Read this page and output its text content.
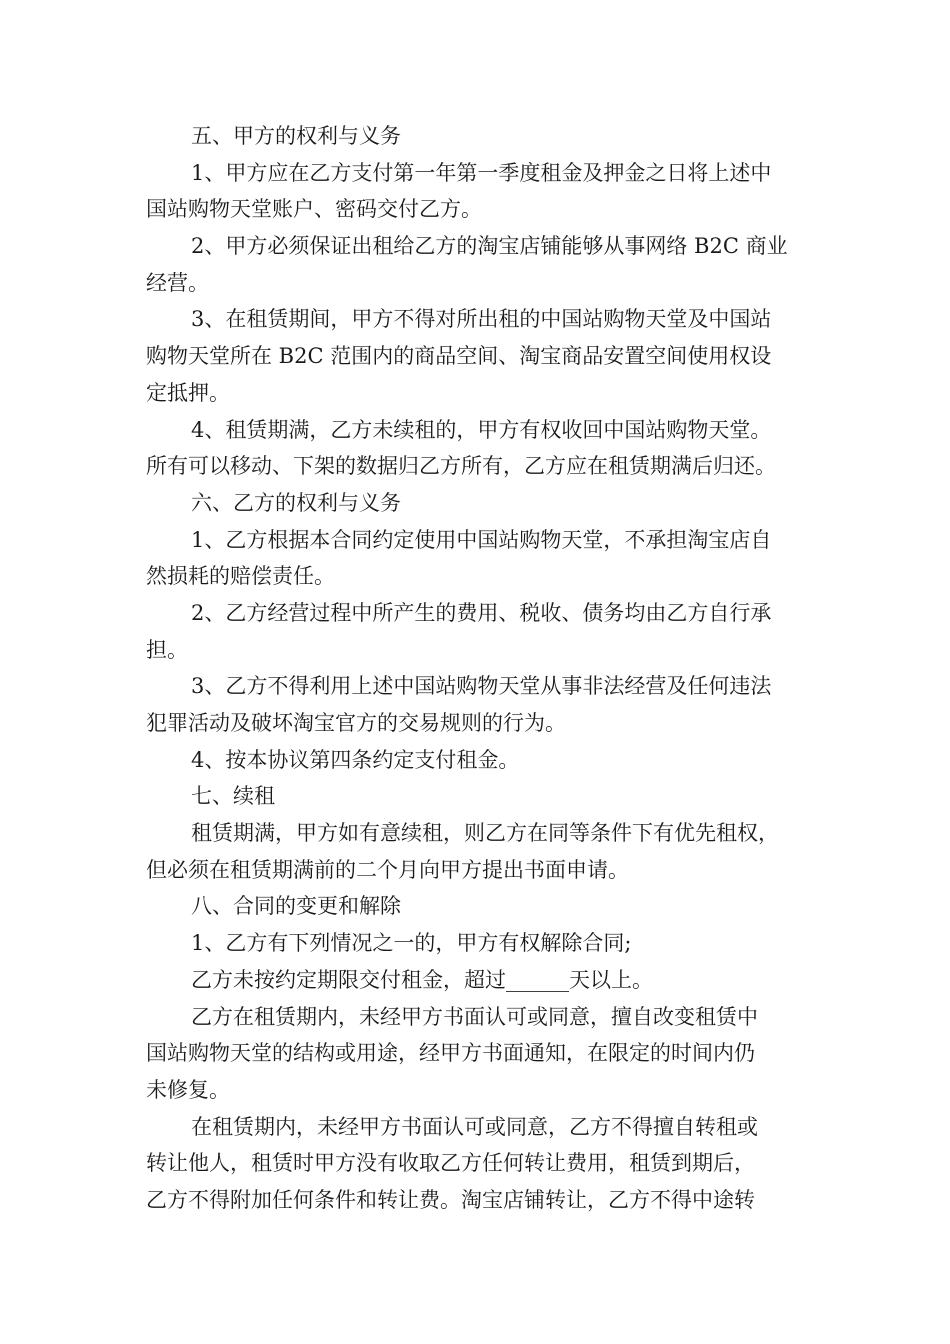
五、甲方的权利与义务
1、甲方应在乙方支付第一年第一季度租金及押金之日将上述中
国站购物天堂账户、密码交付乙方。
2、甲方必须保证出租给乙方的淘宝店铺能够从事网络 B2C 商业
经营。
3、在租赁期间，甲方不得对所出租的中国站购物天堂及中国站
购物天堂所在 B2C 范围内的商品空间、淘宝商品安置空间使用权设
定抵押。
4、租赁期满，乙方未续租的，甲方有权收回中国站购物天堂。
所有可以移动、下架的数据归乙方所有，乙方应在租赁期满后归还。
六、乙方的权利与义务
1、乙方根据本合同约定使用中国站购物天堂，不承担淘宝店自
然损耗的赔偿责任。
2、乙方经营过程中所产生的费用、税收、债务均由乙方自行承
担。
3、乙方不得利用上述中国站购物天堂从事非法经营及任何违法
犯罪活动及破坏淘宝官方的交易规则的行为。
4、按本协议第四条约定支付租金。
七、续租
租赁期满，甲方如有意续租，则乙方在同等条件下有优先租权，
但必须在租赁期满前的二个月向甲方提出书面申请。
八、合同的变更和解除
1、乙方有下列情况之一的，甲方有权解除合同;
乙方未按约定期限交付租金，超过______天以上。
乙方在租赁期内，未经甲方书面认可或同意，擅自改变租赁中
国站购物天堂的结构或用途，经甲方书面通知，在限定的时间内仍
未修复。
在租赁期内，未经甲方书面认可或同意，乙方不得擅自转租或
转让他人，租赁时甲方没有收取乙方任何转让费用，租赁到期后，
乙方不得附加任何条件和转让费。淘宝店铺转让，乙方不得中途转
